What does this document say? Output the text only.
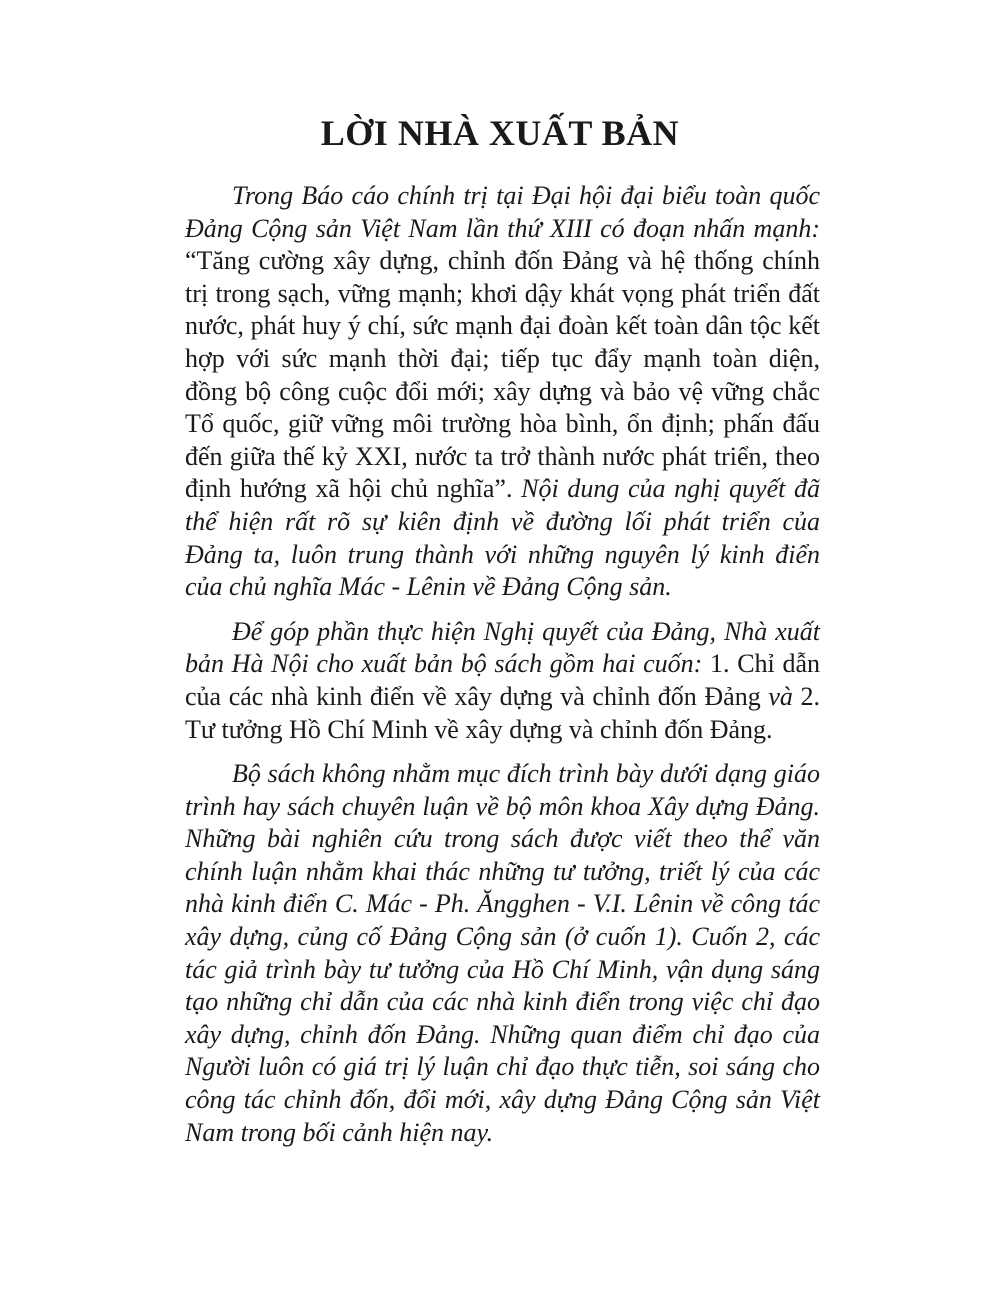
LỜI NHÀ XUẤT BẢN

Trong Báo cáo chính trị tại Đại hội đại biểu toàn quốc Đảng Cộng sản Việt Nam lần thứ XIII có đoạn nhấn mạnh: “Tăng cường xây dựng, chỉnh đốn Đảng và hệ thống chính trị trong sạch, vững mạnh; khơi dậy khát vọng phát triển đất nước, phát huy ý chí, sức mạnh đại đoàn kết toàn dân tộc kết hợp với sức mạnh thời đại; tiếp tục đẩy mạnh toàn diện, đồng bộ công cuộc đổi mới; xây dựng và bảo vệ vững chắc Tổ quốc, giữ vững môi trường hòa bình, ổn định; phấn đấu đến giữa thế kỷ XXI, nước ta trở thành nước phát triển, theo định hướng xã hội chủ nghĩa”. Nội dung của nghị quyết đã thể hiện rất rõ sự kiên định về đường lối phát triển của Đảng ta, luôn trung thành với những nguyên lý kinh điển của chủ nghĩa Mác - Lênin về Đảng Cộng sản.

Để góp phần thực hiện Nghị quyết của Đảng, Nhà xuất bản Hà Nội cho xuất bản bộ sách gồm hai cuốn: 1. Chỉ dẫn của các nhà kinh điển về xây dựng và chỉnh đốn Đảng và 2. Tư tưởng Hồ Chí Minh về xây dựng và chỉnh đốn Đảng.

Bộ sách không nhằm mục đích trình bày dưới dạng giáo trình hay sách chuyên luận về bộ môn khoa Xây dựng Đảng. Những bài nghiên cứu trong sách được viết theo thể văn chính luận nhằm khai thác những tư tưởng, triết lý của các nhà kinh điển C. Mác - Ph. Ăngghen - V.I. Lênin về công tác xây dựng, củng cố Đảng Cộng sản (ở cuốn 1). Cuốn 2, các tác giả trình bày tư tưởng của Hồ Chí Minh, vận dụng sáng tạo những chỉ dẫn của các nhà kinh điển trong việc chỉ đạo xây dựng, chỉnh đốn Đảng. Những quan điểm chỉ đạo của Người luôn có giá trị lý luận chỉ đạo thực tiễn, soi sáng cho công tác chỉnh đốn, đổi mới, xây dựng Đảng Cộng sản Việt Nam trong bối cảnh hiện nay.
